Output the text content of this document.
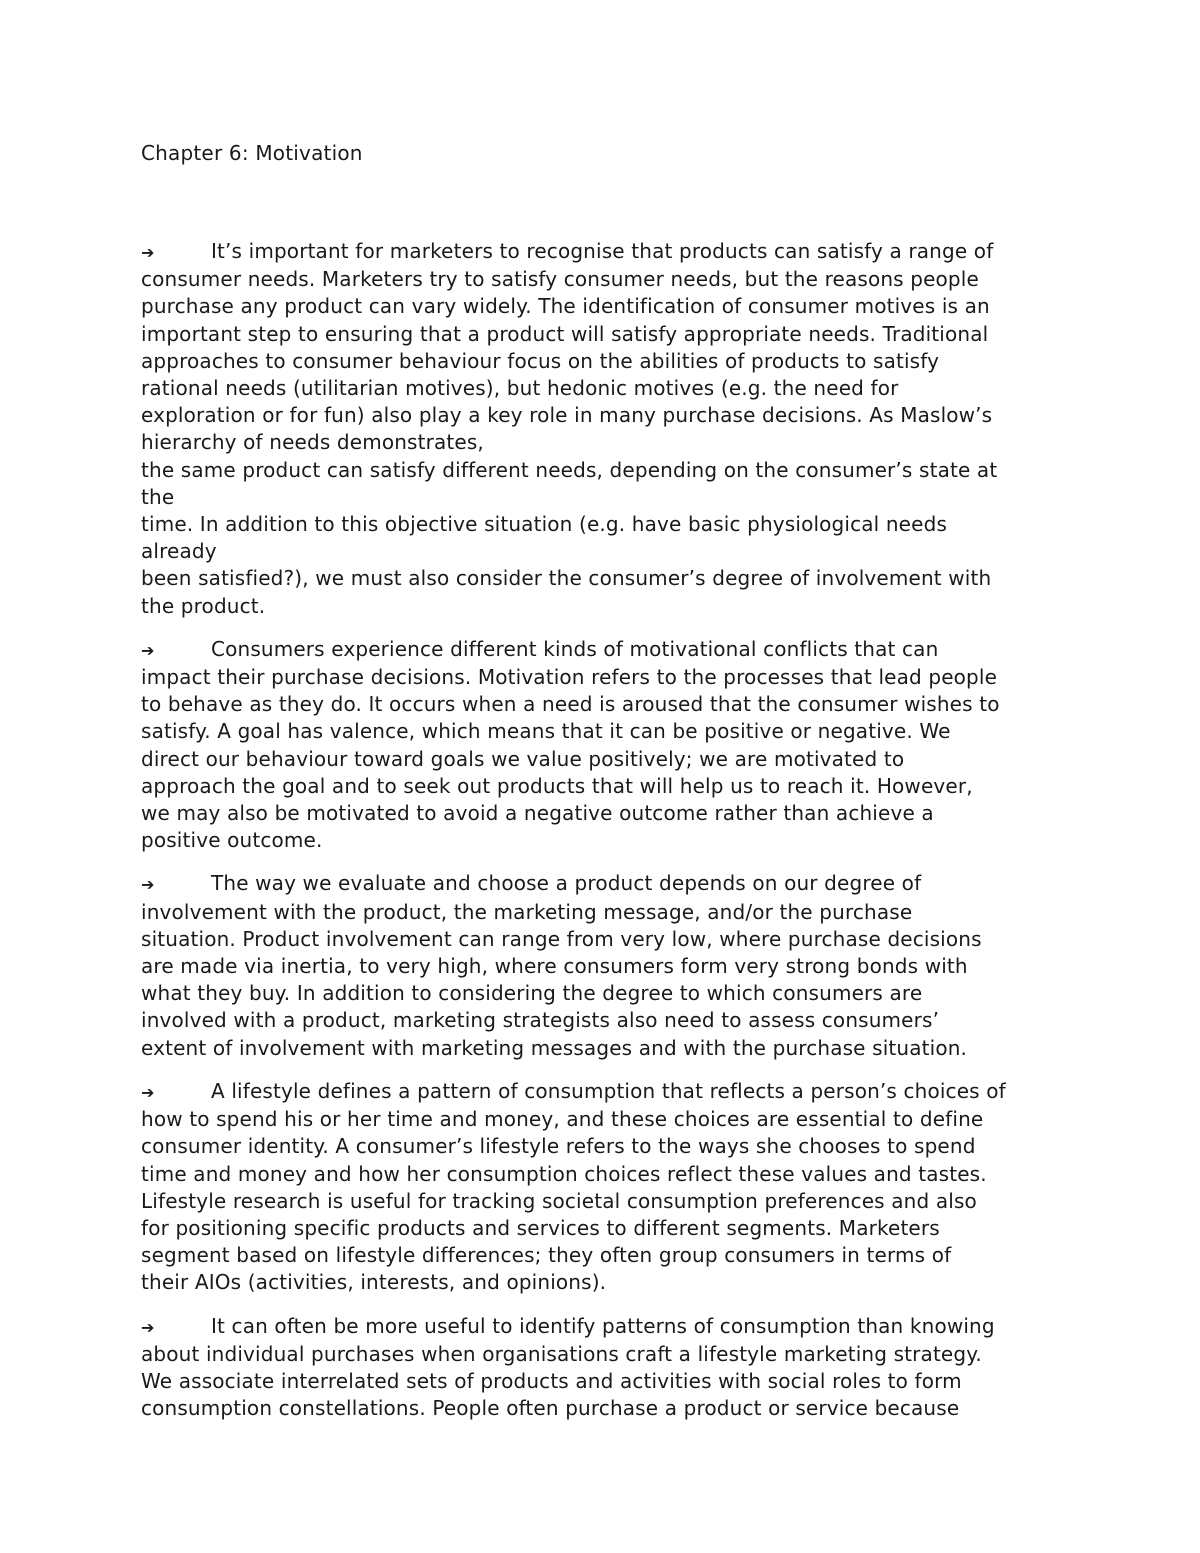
Chapter 6: Motivation

➔	It’s important for marketers to recognise that products can satisfy a range of
consumer needs. Marketers try to satisfy consumer needs, but the reasons people
purchase any product can vary widely. The identification of consumer motives is an
important step to ensuring that a product will satisfy appropriate needs. Traditional
approaches to consumer behaviour focus on the abilities of products to satisfy
rational needs (utilitarian motives), but hedonic motives (e.g. the need for
exploration or for fun) also play a key role in many purchase decisions. As Maslow’s
hierarchy of needs demonstrates,
the same product can satisfy different needs, depending on the consumer’s state at
the
time. In addition to this objective situation (e.g. have basic physiological needs
already
been satisfied?), we must also consider the consumer’s degree of involvement with
the product.

➔	Consumers experience different kinds of motivational conflicts that can
impact their purchase decisions. Motivation refers to the processes that lead people
to behave as they do. It occurs when a need is aroused that the consumer wishes to
satisfy. A goal has valence, which means that it can be positive or negative. We
direct our behaviour toward goals we value positively; we are motivated to
approach the goal and to seek out products that will help us to reach it. However,
we may also be motivated to avoid a negative outcome rather than achieve a
positive outcome.

➔	The way we evaluate and choose a product depends on our degree of
involvement with the product, the marketing message, and/or the purchase
situation. Product involvement can range from very low, where purchase decisions
are made via inertia, to very high, where consumers form very strong bonds with
what they buy. In addition to considering the degree to which consumers are
involved with a product, marketing strategists also need to assess consumers’
extent of involvement with marketing messages and with the purchase situation.

➔	A lifestyle defines a pattern of consumption that reflects a person’s choices of
how to spend his or her time and money, and these choices are essential to define
consumer identity. A consumer’s lifestyle refers to the ways she chooses to spend
time and money and how her consumption choices reflect these values and tastes.
Lifestyle research is useful for tracking societal consumption preferences and also
for positioning specific products and services to different segments. Marketers
segment based on lifestyle differences; they often group consumers in terms of
their AIOs (activities, interests, and opinions).

➔	It can often be more useful to identify patterns of consumption than knowing
about individual purchases when organisations craft a lifestyle marketing strategy.
We associate interrelated sets of products and activities with social roles to form
consumption constellations. People often purchase a product or service because
